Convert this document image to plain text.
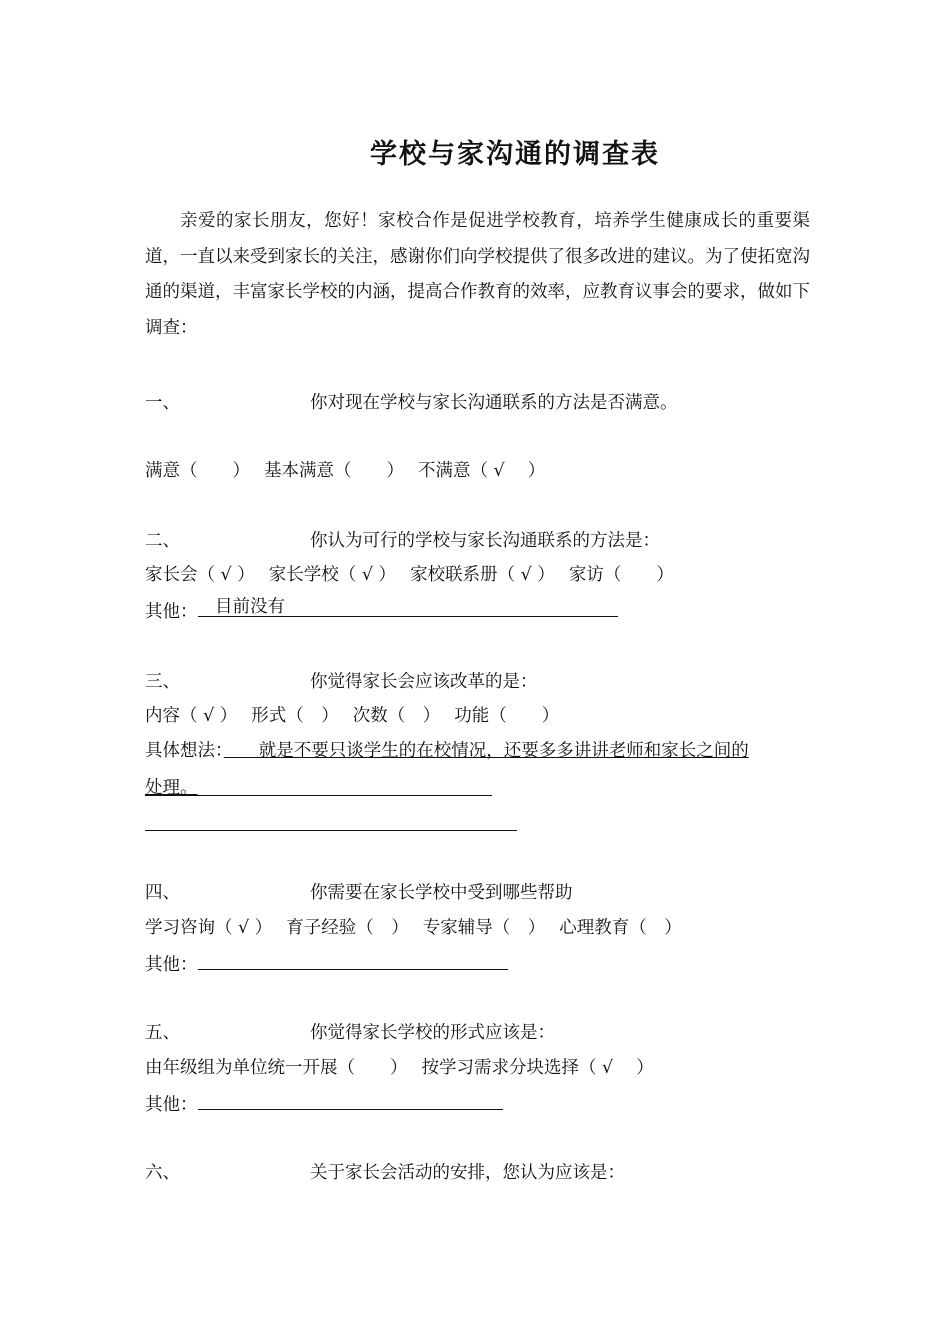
学校与家沟通的调查表

亲爱的家长朋友，您好！家校合作是促进学校教育，培养学生健康成长的重要渠道，一直以来受到家长的关注，感谢你们向学校提供了很多改进的建议。为了使拓宽沟通的渠道，丰富家长学校的内涵，提高合作教育的效率，应教育议事会的要求，做如下调查：

一、	你对现在学校与家长沟通联系的方法是否满意。
满意（　　） 基本满意（　　） 不满意（ √　 ）
二、	你认为可行的学校与家长沟通联系的方法是：
家长会（ √ ） 家长学校（ √ ） 家校联系册（ √ ） 家访（　　）
其他： 　目前没有
三、	你觉得家长会应该改革的是：
内容（ √ ） 形式（　） 次数（　） 功能（　　）
具体想法：　　就是不要只谈学生的在校情况，还要多多讲讲老师和家长之间的
处理。
四、	你需要在家长学校中受到哪些帮助
学习咨询（ √ ） 育子经验（　） 专家辅导（　） 心理教育（　）
其他：
五、	你觉得家长学校的形式应该是：
由年级组为单位统一开展（　　） 按学习需求分块选择（ √　 ）
其他：
六、	关于家长会活动的安排，您认为应该是：
